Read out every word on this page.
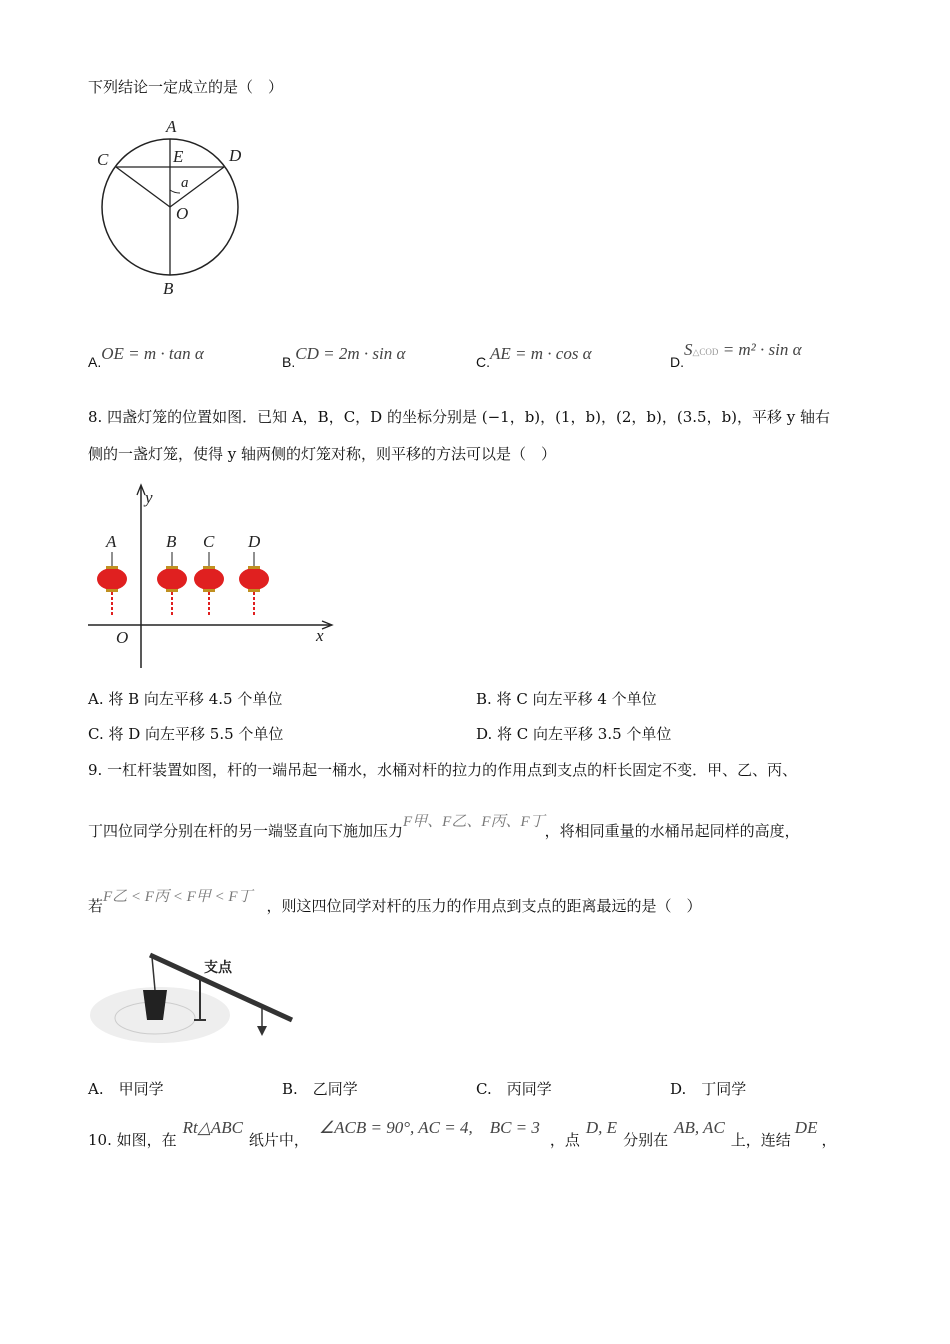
下列结论一定成立的是（　）
A
C	E	D
a
O
B
A.OE = m · tan α	B.CD = 2m · sin α	C.AE = m · cos α	D.S△COD = m² · sin α
8. 四盏灯笼的位置如图．已知 A，B，C，D 的坐标分别是 (−1，b)，(1，b)，(2，b)，(3.5，b)，平移 y 轴右
侧的一盏灯笼，使得 y 轴两侧的灯笼对称，则平移的方法可以是（　）
y
x
O
A	B C D
A. 将 B 向左平移 4.5 个单位	B. 将 C 向左平移 4 个单位
C. 将 D 向左平移 5.5 个单位	D. 将 C 向左平移 3.5 个单位
9. 一杠杆装置如图，杆的一端吊起一桶水，水桶对杆的拉力的作用点到支点的杆长固定不变．甲、乙、丙、
丁四位同学分别在杆的另一端竖直向下施加压力F甲、F乙、F丙、F丁，将相同重量的水桶吊起同样的高度，
若F乙 < F丙 < F甲 < F丁 ，则这四位同学对杆的压力的作用点到支点的距离最远的是（　）
支点
A.　甲同学	B.　乙同学	C.　丙同学	D.　丁同学
10. 如图，在Rt△ABC纸片中，∠ACB = 90°, AC = 4,　BC = 3，点D, E分别在AB, AC上，连结DE，
